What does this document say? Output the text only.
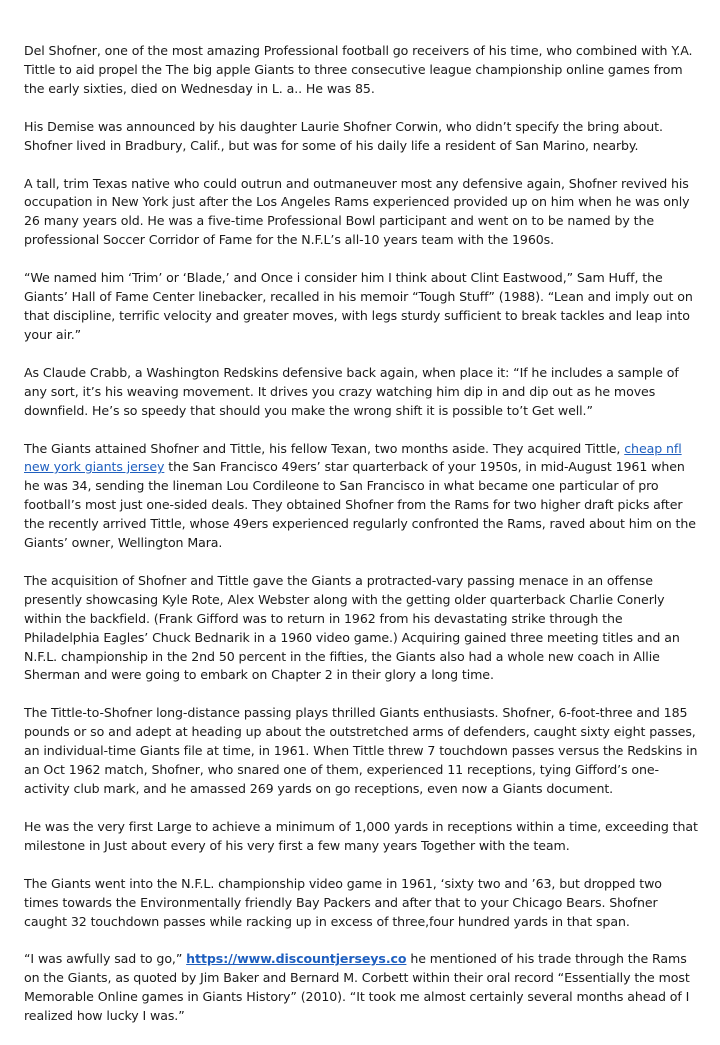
Del Shofner, one of the most amazing Professional football go receivers of his time, who combined with Y.A. Tittle to aid propel the The big apple Giants to three consecutive league championship online games from the early sixties, died on Wednesday in L. a.. He was 85.

His Demise was announced by his daughter Laurie Shofner Corwin, who didn’t specify the bring about. Shofner lived in Bradbury, Calif., but was for some of his daily life a resident of San Marino, nearby.

A tall, trim Texas native who could outrun and outmaneuver most any defensive again, Shofner revived his occupation in New York just after the Los Angeles Rams experienced provided up on him when he was only 26 many years old. He was a five-time Professional Bowl participant and went on to be named by the professional Soccer Corridor of Fame for the N.F.L’s all-10 years team with the 1960s.

“We named him ‘Trim’ or ‘Blade,’ and Once i consider him I think about Clint Eastwood,” Sam Huff, the Giants’ Hall of Fame Center linebacker, recalled in his memoir “Tough Stuff” (1988). “Lean and imply out on that discipline, terrific velocity and greater moves, with legs sturdy sufficient to break tackles and leap into your air.”

As Claude Crabb, a Washington Redskins defensive back again, when place it: “If he includes a sample of any sort, it’s his weaving movement. It drives you crazy watching him dip in and dip out as he moves downfield. He’s so speedy that should you make the wrong shift it is possible to’t Get well.”

The Giants attained Shofner and Tittle, his fellow Texan, two months aside. They acquired Tittle, cheap nfl new york giants jersey the San Francisco 49ers’ star quarterback of your 1950s, in mid-August 1961 when he was 34, sending the lineman Lou Cordileone to San Francisco in what became one particular of pro football’s most just one-sided deals. They obtained Shofner from the Rams for two higher draft picks after the recently arrived Tittle, whose 49ers experienced regularly confronted the Rams, raved about him on the Giants’ owner, Wellington Mara.

The acquisition of Shofner and Tittle gave the Giants a protracted-vary passing menace in an offense presently showcasing Kyle Rote, Alex Webster along with the getting older quarterback Charlie Conerly within the backfield. (Frank Gifford was to return in 1962 from his devastating strike through the Philadelphia Eagles’ Chuck Bednarik in a 1960 video game.) Acquiring gained three meeting titles and an N.F.L. championship in the 2nd 50 percent in the fifties, the Giants also had a whole new coach in Allie Sherman and were going to embark on Chapter 2 in their glory a long time.

The Tittle-to-Shofner long-distance passing plays thrilled Giants enthusiasts. Shofner, 6-foot-three and 185 pounds or so and adept at heading up about the outstretched arms of defenders, caught sixty eight passes, an individual-time Giants file at time, in 1961. When Tittle threw 7 touchdown passes versus the Redskins in an Oct 1962 match, Shofner, who snared one of them, experienced 11 receptions, tying Gifford’s one-activity club mark, and he amassed 269 yards on go receptions, even now a Giants document.

He was the very first Large to achieve a minimum of 1,000 yards in receptions within a time, exceeding that milestone in Just about every of his very first a few many years Together with the team.

The Giants went into the N.F.L. championship video game in 1961, ‘sixty two and ’63, but dropped two times towards the Environmentally friendly Bay Packers and after that to your Chicago Bears. Shofner caught 32 touchdown passes while racking up in excess of three,four hundred yards in that span.

“I was awfully sad to go,” https://www.discountjerseys.co he mentioned of his trade through the Rams on the Giants, as quoted by Jim Baker and Bernard M. Corbett within their oral record “Essentially the most Memorable Online games in Giants History” (2010). “It took me almost certainly several months ahead of I realized how lucky I was.”
